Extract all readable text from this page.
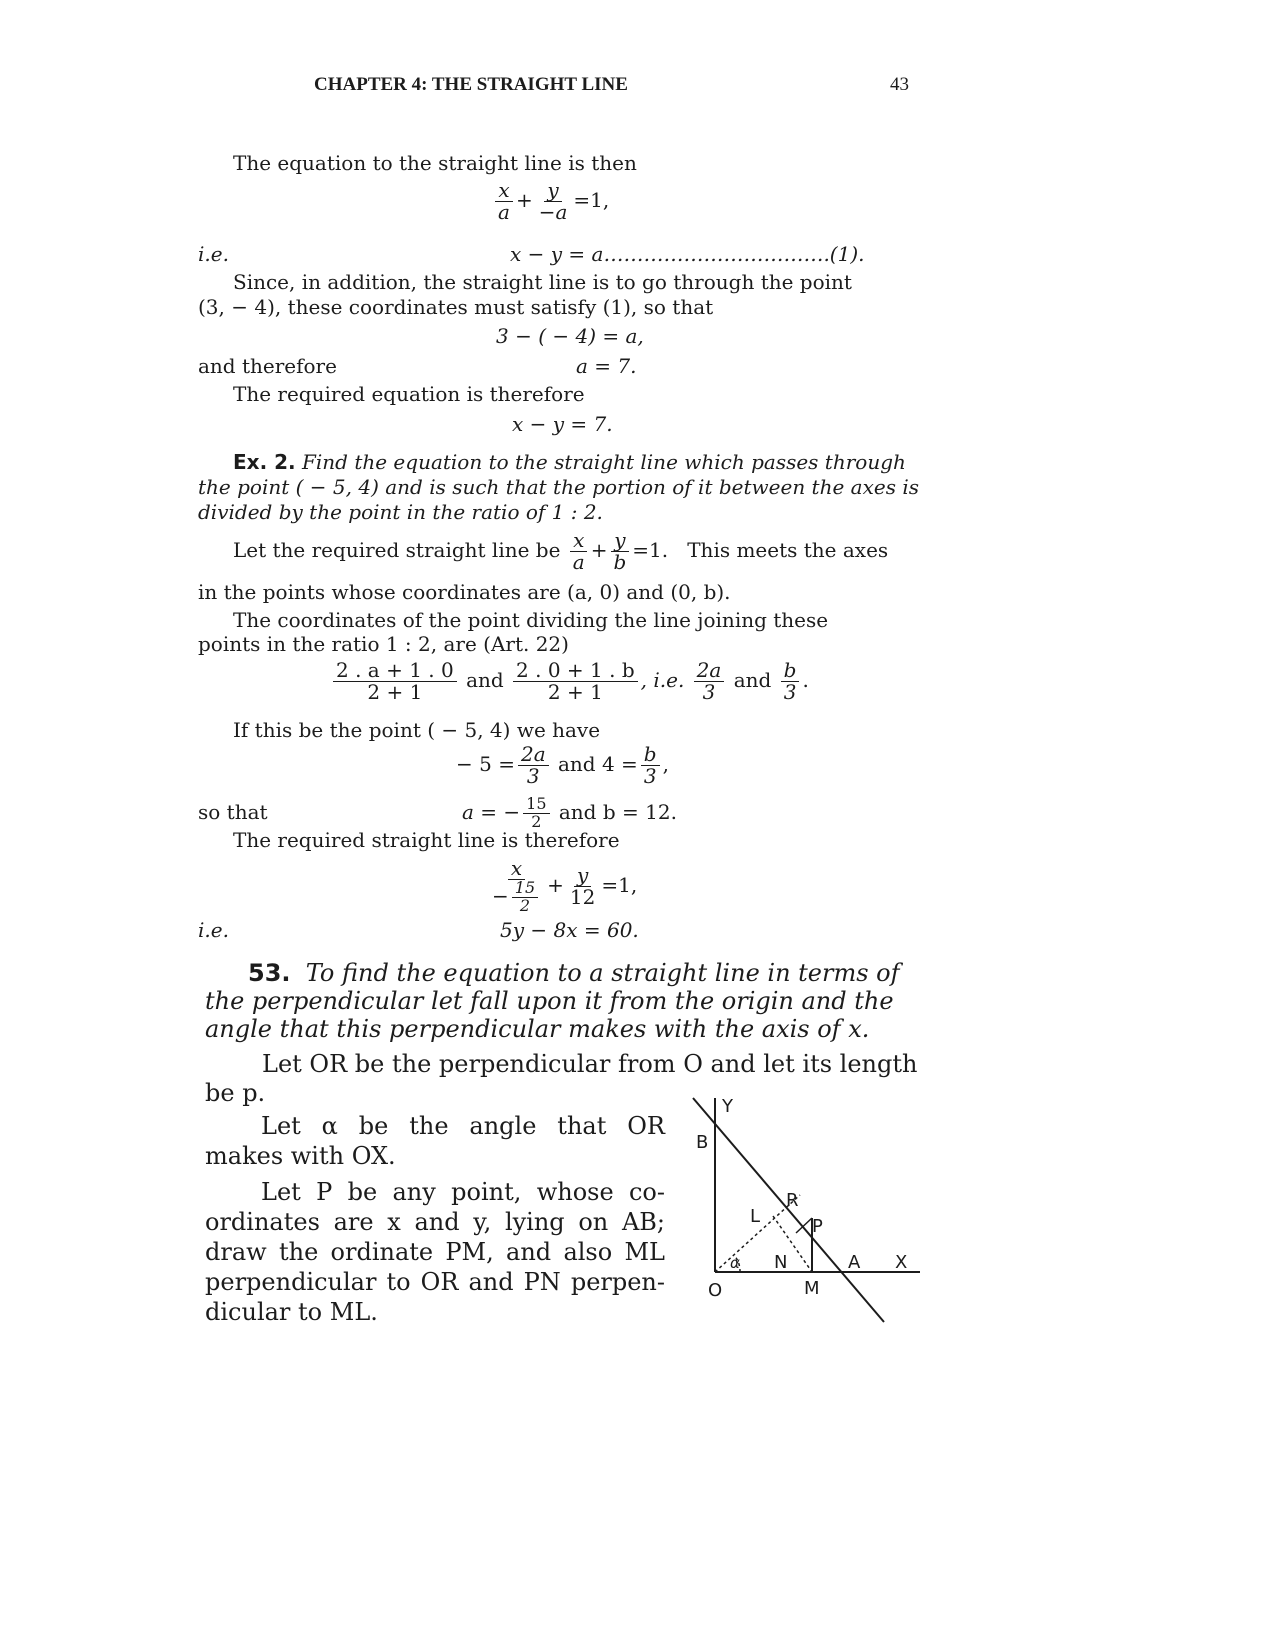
CHAPTER 4: THE STRAIGHT LINE	43
The equation to the straight line is then
$\frac{x}{a} + \frac{y}{-a} =1$,
i.e.	x − y = a…………………………….(1).
Since, in addition, the straight line is to go through the point
(3, − 4), these coordinates must satisfy (1), so that
3 − ( − 4) = a,
and therefore	a = 7.
The required equation is therefore
x − y = 7.
Ex. 2. Find the equation to the straight line which passes through
the point ( − 5, 4) and is such that the portion of it between the axes is
divided by the point in the ratio of 1 : 2.
Let the required straight line be $\frac{x}{a} + \frac{y}{b} =1$. This meets the axes
in the points whose coordinates are (a, 0) and (0, b).
The coordinates of the point dividing the line joining these
points in the ratio 1 : 2, are (Art. 22)
$\frac{2 . a + 1 . 0}{2 + 1}$ and $\frac{2 . 0 + 1 . b}{2 + 1}$ , i.e. $\frac{2a}{3}$ and $\frac{b}{3}$ .
If this be the point ( − 5, 4) we have
− $5 = \frac{2a}{3}$ and $4 = \frac{b}{3}$ ,
so that	a = − $\frac{15}{2}$ and b = 12.
The required straight line is therefore
$\frac{x}{- \frac{15}{2}} + \frac{y}{12} =1$,
i.e.	5y − 8x = 60.
53. To find the equation to a straight line in terms of
the perpendicular let fall upon it from the origin and the
angle that this perpendicular makes with the axis of x.
Let OR be the perpendicular from O and let its length
be p.
Let α be the angle that OR makes with OX.
Let P be any point, whose co-ordinates are x and y, lying on AB; draw the ordinate PM, and also ML perpendicular to OR and PN perpen-dicular to ML.
Y
B
R
L	P
N
α	A X
O	M
